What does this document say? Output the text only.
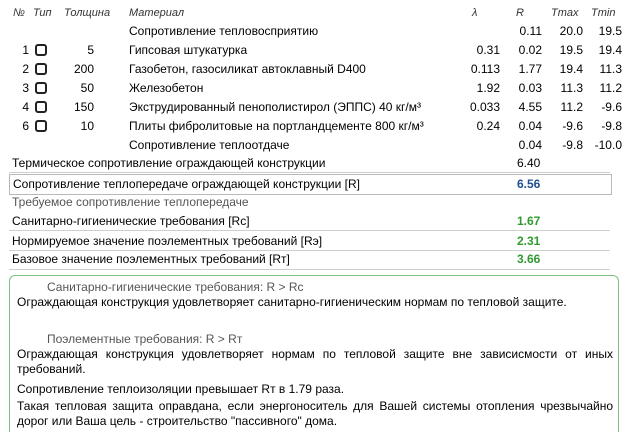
№ Тип Толщина Материал	λ	R Tmax Tmin
Сопротивление тепловосприятию	0.11	20.0	19.5
1	5	Гипсовая штукатурка	0.31	0.02	19.5	19.4
2	200	Газобетон, газосиликат автоклавный D400	0.113	1.77	19.4	11.3
3	50	Железобетон	1.92	0.03	11.3	11.2
4	150	Экструдированный пенополистирол (ЭППС) 40 кг/м³	0.033	4.55	11.2	-9.6
6	10	Плиты фибролитовые на портландцементе 800 кг/м³	0.24	0.04	-9.6	-9.8
Сопротивление теплоотдаче	0.04	-9.8 -10.0
Термическое сопротивление ограждающей конструкции	6.40
Сопротивление теплопередаче ограждающей конструкции [R]	6.56
Требуемое сопротивление теплопередаче
Санитарно-гигиенические требования [Rc]	1.67
Нормируемое значение поэлементных требований [Rэ]	2.31
Базовое значение поэлементных требований [Rт]	3.66
Санитарно-гигиенические требования: R > Rc
Ограждающая конструкция удовлетворяет санитарно-гигиеническим нормам по тепловой защите.
Поэлементные требования: R > Rт
Ограждающая конструкция удовлетворяет нормам по тепловой защите вне зависисмости от иных требований.
Сопротивление теплоизоляции превышает Rт в 1.79 раза.
Такая тепловая защита оправдана, если энергоноситель для Вашей системы отопления чрезвычайно дорог или Ваша цель - строительство "пассивного" дома.
